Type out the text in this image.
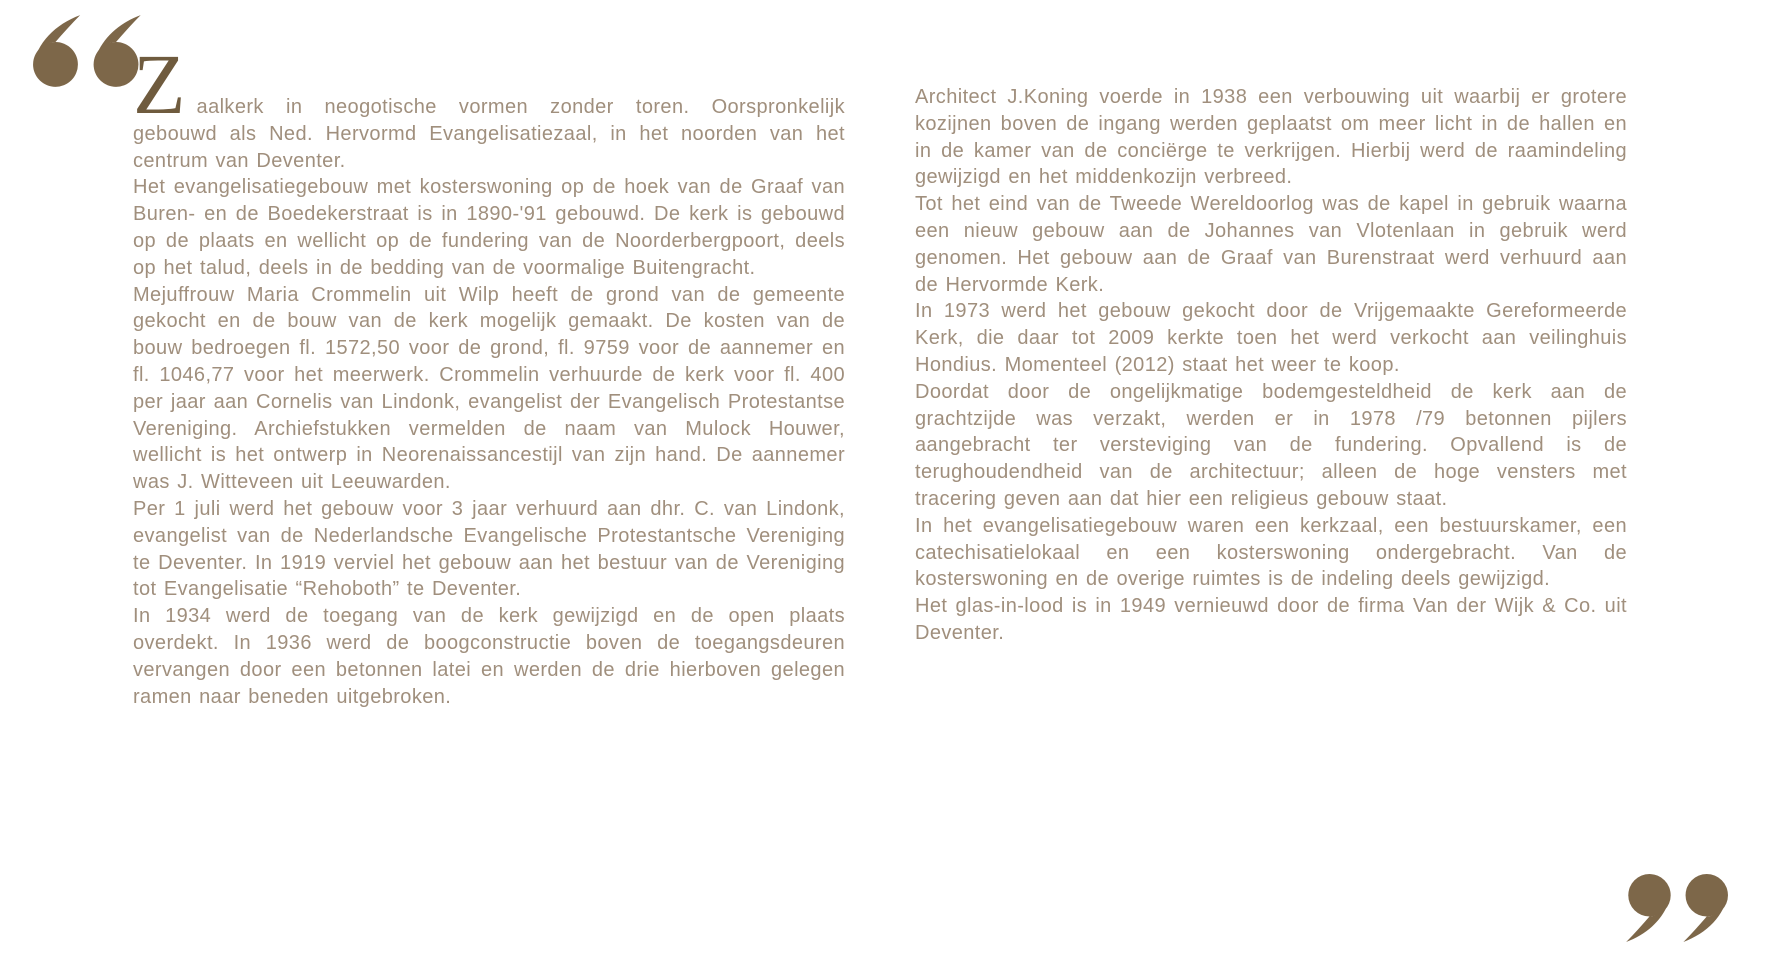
Zaalkerk in neogotische vormen zonder toren. Oorspronkelijk gebouwd als Ned. Hervormd Evangelisatiezaal, in het noorden van het centrum van Deventer.

Het evangelisatiegebouw met kosterswoning op de hoek van de Graaf van Buren- en de Boedekerstraat is in 1890-'91 gebouwd. De kerk is gebouwd op de plaats en wellicht op de fundering van de Noorderbergpoort, deels op het talud, deels in de bedding van de voormalige Buitengracht.

Mejuffrouw Maria Crommelin uit Wilp heeft de grond van de gemeente gekocht en de bouw van de kerk mogelijk gemaakt. De kosten van de bouw bedroegen fl. 1572,50 voor de grond, fl. 9759 voor de aannemer en fl. 1046,77 voor het meerwerk. Crommelin verhuurde de kerk voor fl. 400 per jaar aan Cornelis van Lindonk, evangelist der Evangelisch Protestantse Vereniging. Archiefstukken vermelden de naam van Mulock Houwer, wellicht is het ontwerp in Neorenaissancestijl van zijn hand. De aannemer was J. Witteveen uit Leeuwarden.

Per 1 juli werd het gebouw voor 3 jaar verhuurd aan dhr. C. van Lindonk, evangelist van de Nederlandsche Evangelische Protestantsche Vereniging te Deventer. In 1919 verviel het gebouw aan het bestuur van de Vereniging tot Evangelisatie “Rehoboth” te Deventer.

In 1934 werd de toegang van de kerk gewijzigd en de open plaats overdekt. In 1936 werd de boogconstructie boven de toegangsdeuren vervangen door een betonnen latei en werden de drie hierboven gelegen ramen naar beneden uitgebroken.

Architect J.Koning voerde in 1938 een verbouwing uit waarbij er grotere kozijnen boven de ingang werden geplaatst om meer licht in de hallen en in de kamer van de conciërge te verkrijgen. Hierbij werd de raamindeling gewijzigd en het middenkozijn verbreed.

Tot het eind van de Tweede Wereldoorlog was de kapel in gebruik waarna een nieuw gebouw aan de Johannes van Vlotenlaan in gebruik werd genomen. Het gebouw aan de Graaf van Burenstraat werd verhuurd aan de Hervormde Kerk.

In 1973 werd het gebouw gekocht door de Vrijgemaakte Gereformeerde Kerk, die daar tot 2009 kerkte toen het werd verkocht aan veilinghuis Hondius. Momenteel (2012) staat het weer te koop.

Doordat door de ongelijkmatige bodemgesteldheid de kerk aan de grachtzijde was verzakt, werden er in 1978 /79 betonnen pijlers aangebracht ter versteviging van de fundering. Opvallend is de terughoudendheid van de architectuur; alleen de hoge vensters met tracering geven aan dat hier een religieus gebouw staat.

In het evangelisatiegebouw waren een kerkzaal, een bestuurskamer, een catechisatielokaal en een kosterswoning ondergebracht. Van de kosterswoning en de overige ruimtes is de indeling deels gewijzigd.

Het glas-in-lood is in 1949 vernieuwd door de firma Van der Wijk & Co. uit Deventer.
